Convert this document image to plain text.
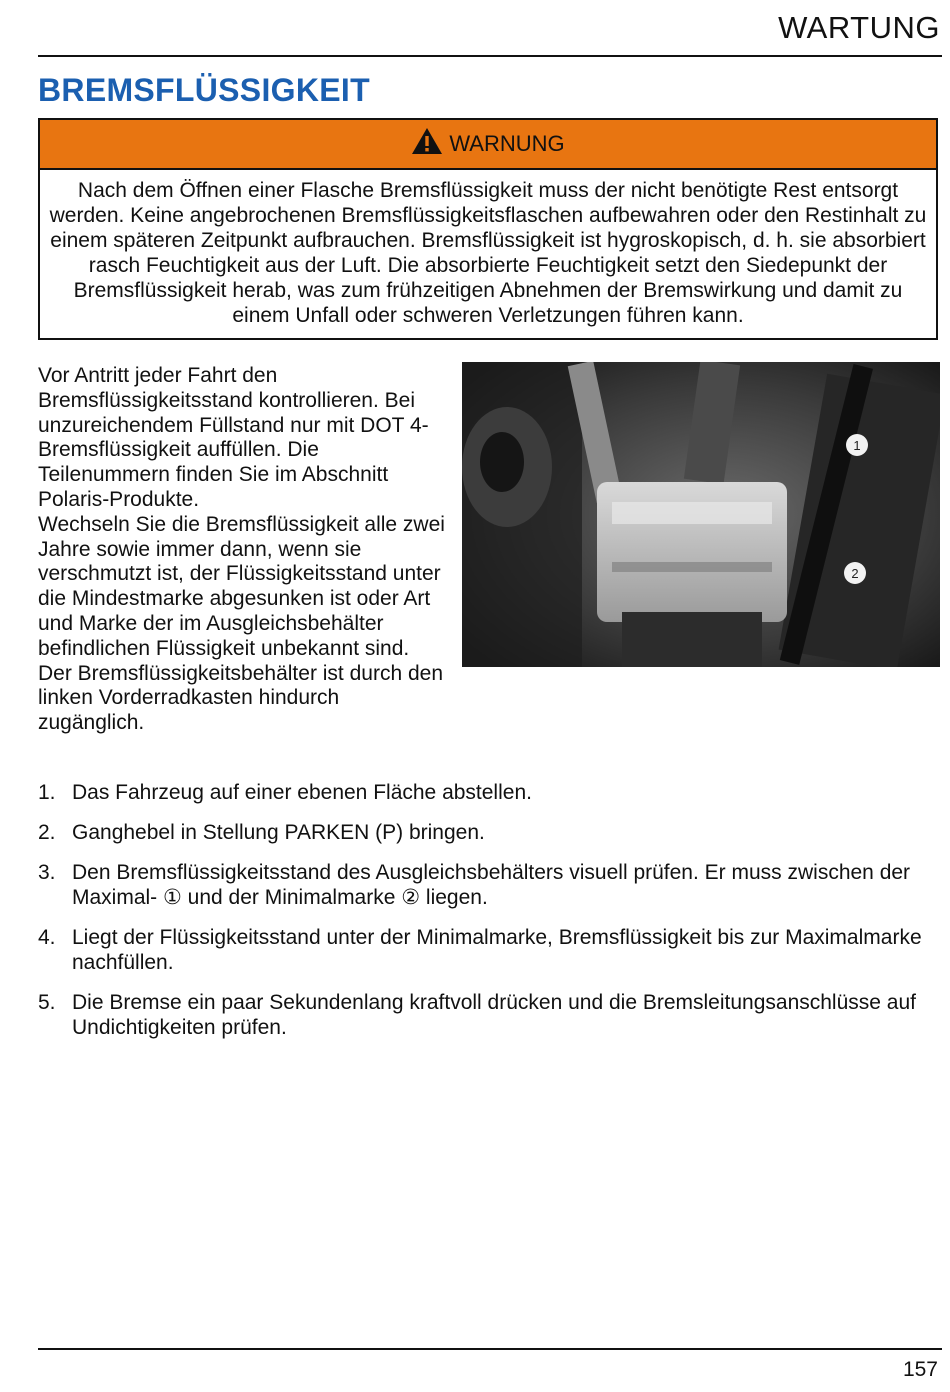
WARTUNG
BREMSFLÜSSIGKEIT
WARNUNG
Nach dem Öffnen einer Flasche Bremsflüssigkeit muss der nicht benötigte Rest entsorgt werden. Keine angebrochenen Bremsflüssigkeitsflaschen aufbewahren oder den Restinhalt zu einem späteren Zeitpunkt aufbrauchen. Bremsflüssigkeit ist hygroskopisch, d. h. sie absorbiert rasch Feuchtigkeit aus der Luft. Die absorbierte Feuchtigkeit setzt den Siedepunkt der Bremsflüssigkeit herab, was zum frühzeitigen Abnehmen der Bremswirkung und damit zu einem Unfall oder schweren Verletzungen führen kann.

Vor Antritt jeder Fahrt den Bremsflüssigkeitsstand kontrollieren. Bei unzureichendem Füllstand nur mit DOT 4-Bremsflüssigkeit auffüllen. Die Teilenummern finden Sie im Abschnitt Polaris-Produkte.

Wechseln Sie die Bremsflüssigkeit alle zwei Jahre sowie immer dann, wenn sie verschmutzt ist, der Flüssigkeitsstand unter die Mindestmarke abgesunken ist oder Art und Marke der im Ausgleichsbehälter befindlichen Flüssigkeit unbekannt sind. Der Bremsflüssigkeitsbehälter ist durch den linken Vorderradkasten hindurch zugänglich.

1
2
1. Das Fahrzeug auf einer ebenen Fläche abstellen.
2. Ganghebel in Stellung PARKEN (P) bringen.
3. Den Bremsflüssigkeitsstand des Ausgleichsbehälters visuell prüfen. Er muss zwischen der Maximal- ① und der Minimalmarke ② liegen.
4. Liegt der Flüssigkeitsstand unter der Minimalmarke, Bremsflüssigkeit bis zur Maximalmarke nachfüllen.
5. Die Bremse ein paar Sekundenlang kraftvoll drücken und die Bremsleitungsanschlüsse auf Undichtigkeiten prüfen.
157
